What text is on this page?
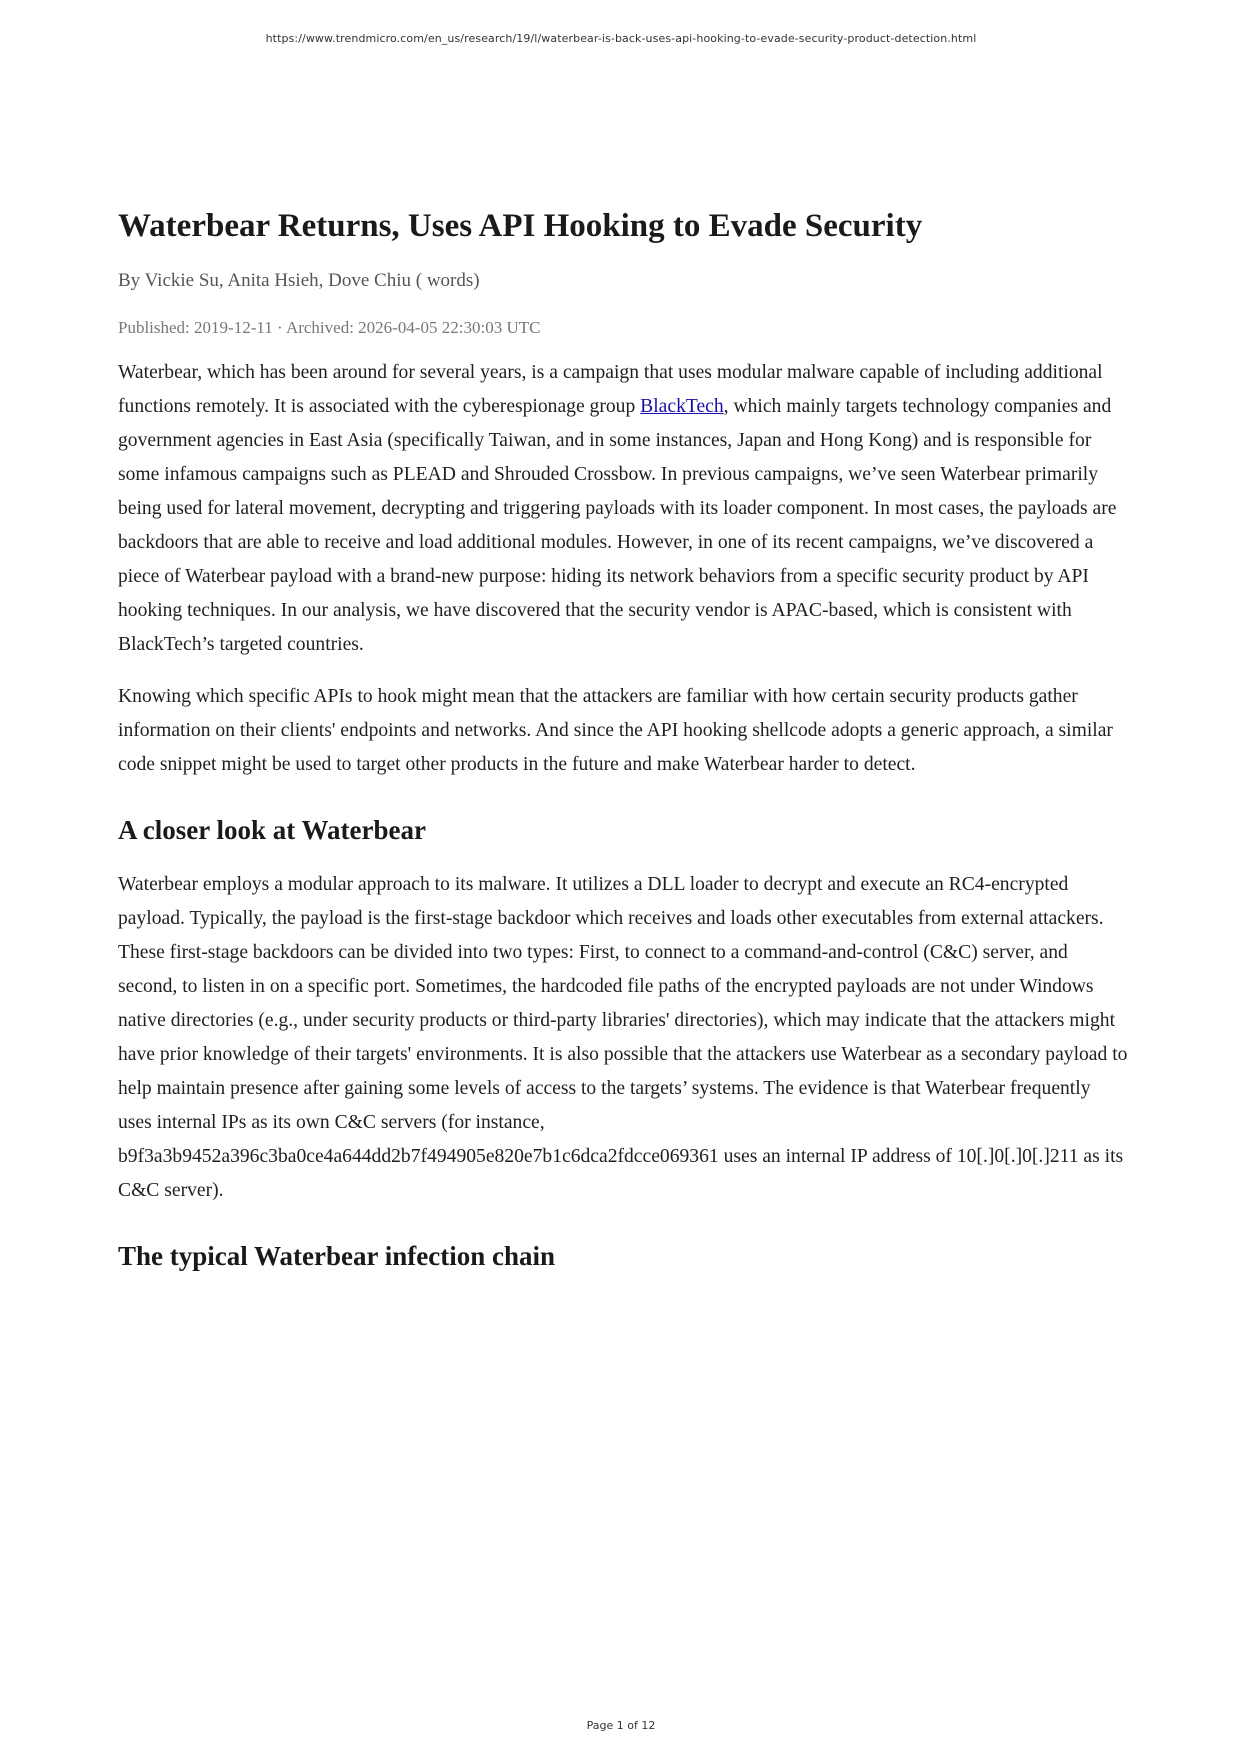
https://www.trendmicro.com/en_us/research/19/l/waterbear-is-back-uses-api-hooking-to-evade-security-product-detection.html
Waterbear Returns, Uses API Hooking to Evade Security
By Vickie Su, Anita Hsieh, Dove Chiu ( words)
Published: 2019-12-11 · Archived: 2026-04-05 22:30:03 UTC

Waterbear, which has been around for several years, is a campaign that uses modular malware capable of including additional functions remotely. It is associated with the cyberespionage group BlackTech, which mainly targets technology companies and government agencies in East Asia (specifically Taiwan, and in some instances, Japan and Hong Kong) and is responsible for some infamous campaigns such as PLEAD and Shrouded Crossbow. In previous campaigns, we’ve seen Waterbear primarily being used for lateral movement, decrypting and triggering payloads with its loader component. In most cases, the payloads are backdoors that are able to receive and load additional modules. However, in one of its recent campaigns, we’ve discovered a piece of Waterbear payload with a brand-new purpose: hiding its network behaviors from a specific security product by API hooking techniques. In our analysis, we have discovered that the security vendor is APAC-based, which is consistent with BlackTech’s targeted countries.

Knowing which specific APIs to hook might mean that the attackers are familiar with how certain security products gather information on their clients' endpoints and networks. And since the API hooking shellcode adopts a generic approach, a similar code snippet might be used to target other products in the future and make Waterbear harder to detect.

A closer look at Waterbear

Waterbear employs a modular approach to its malware. It utilizes a DLL loader to decrypt and execute an RC4-encrypted payload. Typically, the payload is the first-stage backdoor which receives and loads other executables from external attackers. These first-stage backdoors can be divided into two types: First, to connect to a command-and-control (C&C) server, and second, to listen in on a specific port. Sometimes, the hardcoded file paths of the encrypted payloads are not under Windows native directories (e.g., under security products or third-party libraries' directories), which may indicate that the attackers might have prior knowledge of their targets' environments. It is also possible that the attackers use Waterbear as a secondary payload to help maintain presence after gaining some levels of access to the targets’ systems. The evidence is that Waterbear frequently uses internal IPs as its own C&C servers (for instance, b9f3a3b9452a396c3ba0ce4a644dd2b7f494905e820e7b1c6dca2fdcce069361 uses an internal IP address of 10[.]0[.]0[.]211 as its C&C server).

The typical Waterbear infection chain
Page 1 of 12
